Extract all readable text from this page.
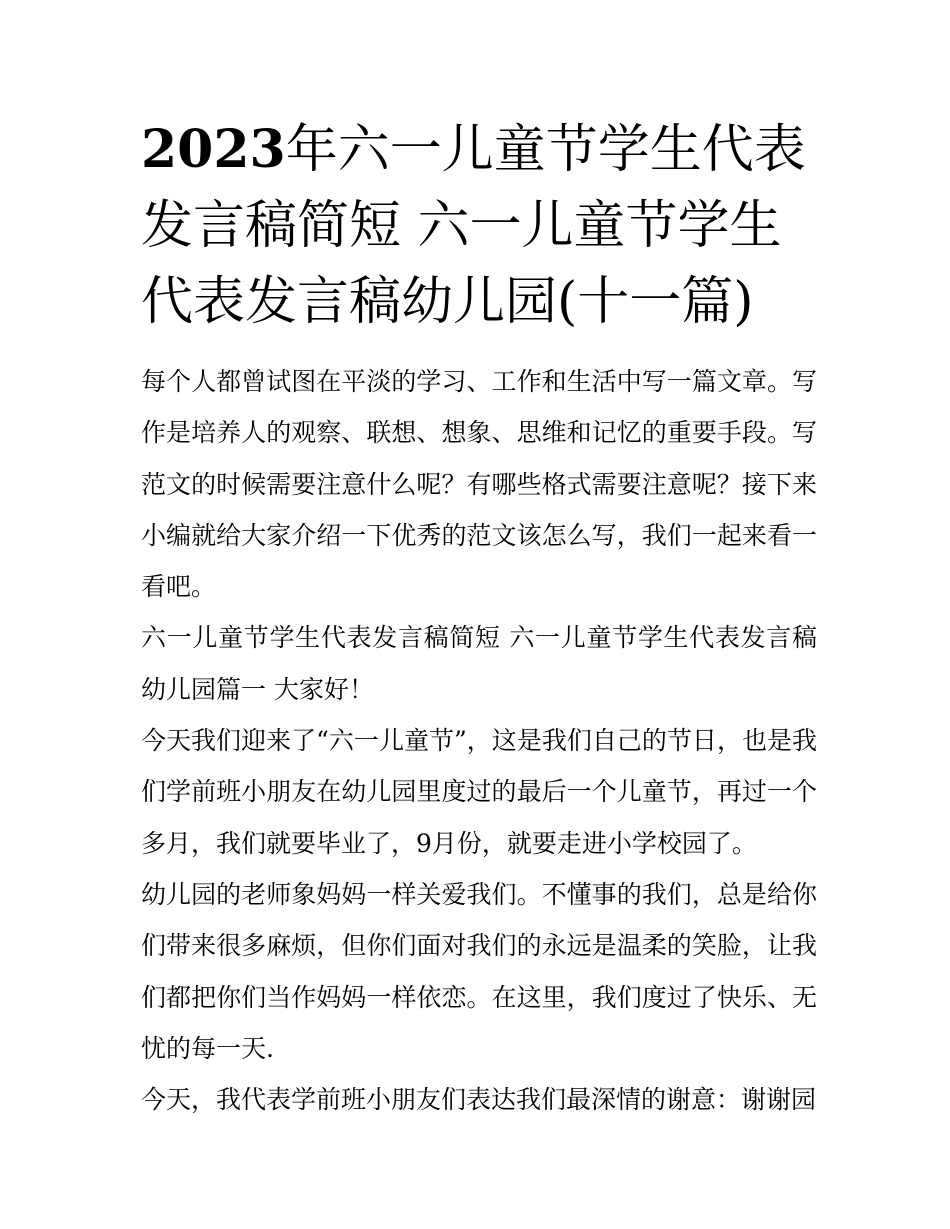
2023年六一儿童节学生代表发言稿简短 六一儿童节学生代表发言稿幼儿园(十一篇)

每个人都曾试图在平淡的学习、工作和生活中写一篇文章。写作是培养人的观察、联想、想象、思维和记忆的重要手段。写范文的时候需要注意什么呢？有哪些格式需要注意呢？接下来小编就给大家介绍一下优秀的范文该怎么写，我们一起来看一看吧。

六一儿童节学生代表发言稿简短 六一儿童节学生代表发言稿幼儿园篇一 大家好！

今天我们迎来了“六一儿童节”，这是我们自己的节日，也是我们学前班小朋友在幼儿园里度过的最后一个儿童节，再过一个多月，我们就要毕业了，9月份，就要走进小学校园了。

幼儿园的老师象妈妈一样关爱我们。不懂事的我们，总是给你们带来很多麻烦，但你们面对我们的永远是温柔的笑脸，让我们都把你们当作妈妈一样依恋。在这里，我们度过了快乐、无忧的每一天.

今天，我代表学前班小朋友们表达我们最深情的谢意：谢谢园
